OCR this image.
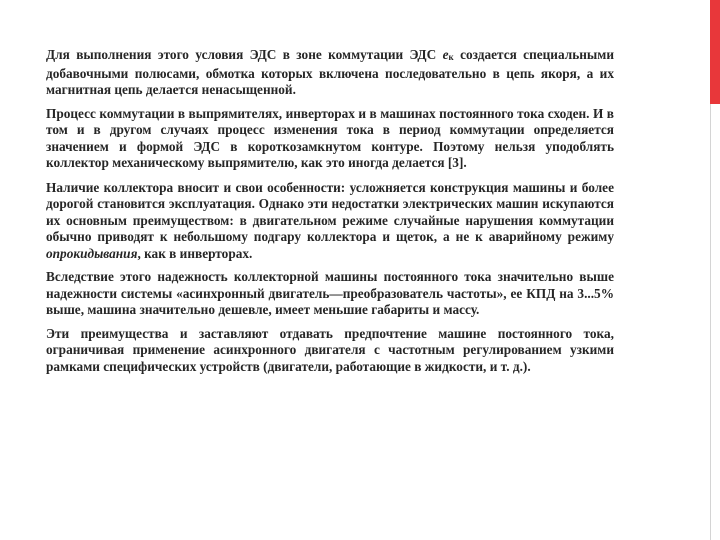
Для выполнения этого условия ЭДС в зоне коммутации ЭДС ек создается специальными добавочными полюсами, обмотка которых включена последовательно в цепь якоря, а их магнитная цепь делается ненасыщенной.

Процесс коммутации в выпрямителях, инверторах и в машинах постоянного тока сходен. И в том и в другом случаях процесс изменения тока в период коммутации определяется значением и формой ЭДС в короткозамкнутом контуре. Поэтому нельзя уподоблять коллектор механическому выпрямителю, как это иногда делается [3].

Наличие коллектора вносит и свои особенности: усложняется конструкция машины и более дорогой становится эксплуатация. Однако эти недостатки электрических машин искупаются их основным преимуществом: в двигательном режиме случайные нарушения коммутации обычно приводят к небольшому подгару коллектора и щеток, а не к аварийному режиму опрокидывания, как в инверторах.

Вследствие этого надежность коллекторной машины постоянного тока значительно выше надежности системы «асинхронный двигатель—преобразователь частоты», ее КПД на 3...5% выше, машина значительно дешевле, имеет меньшие габариты и массу.

Эти преимущества и заставляют отдавать предпочтение машине постоянного тока, ограничивая применение асинхронного двигателя с частотным регулированием узкими рамками специфических устройств (двигатели, работающие в жидкости, и т. д.).
